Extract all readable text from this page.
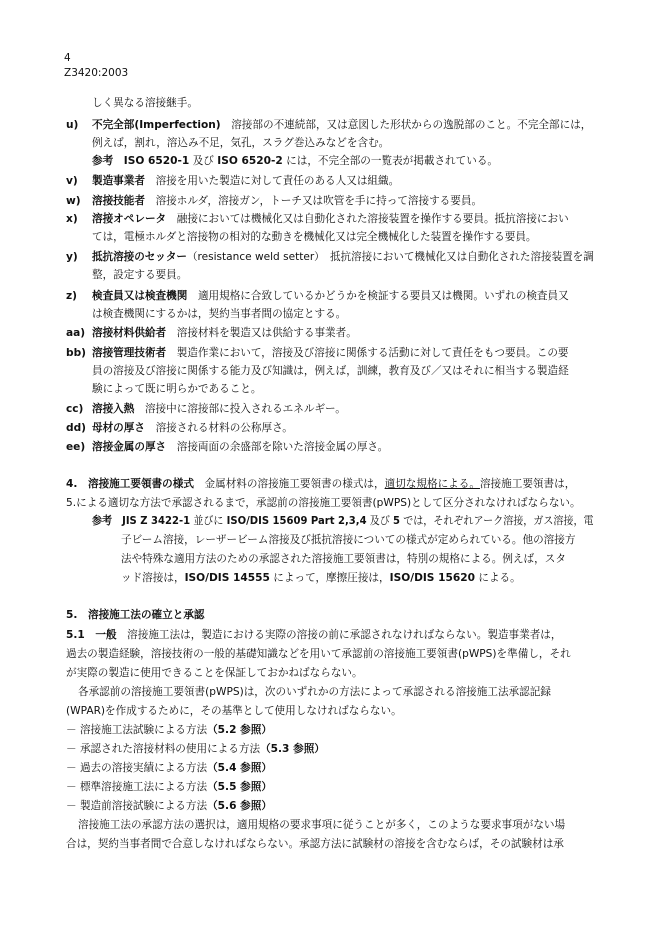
4
Z3420:2003
しく異なる溶接継手。
u) 不完全部(Imperfection)　 溶接部の不連続部，又は意図した形状からの逸脱部のこと。不完全部には，
例えば，割れ，溶込み不足，気孔，スラグ巻込みなどを含む。
参考　 ISO 6520-1 及び ISO 6520-2 には，不完全部の一覧表が掲載されている。
v) 製造事業者　 溶接を用いた製造に対して責任のある人又は組織。
w) 溶接技能者　 溶接ホルダ，溶接ガン，トーチ又は吹管を手に持って溶接する要員。
x) 溶接オペレータ　 融接においては機械化又は自動化された溶接装置を操作する要員。抵抗溶接におい
ては，電極ホルダと溶接物の相対的な動きを機械化又は完全機械化した装置を操作する要員。
y) 抵抗溶接のセッター（resistance weld setter）　抵抗溶接において機械化又は自動化された溶接装置を調
整，設定する要員。
z) 検査員又は検査機関　 適用規格に合致しているかどうかを検証する要員又は機関。いずれの検査員又
は検査機関にするかは，契約当事者間の協定とする。
aa) 溶接材料供給者　 溶接材料を製造又は供給する事業者。
bb) 溶接管理技術者　 製造作業において，溶接及び溶接に関係する活動に対して責任をもつ要員。この要
員の溶接及び溶接に関係する能力及び知識は，例えば，訓練，教育及び／又はそれに相当する製造経
験によって既に明らかであること。
cc) 溶接入熱　 溶接中に溶接部に投入されるエネルギー。
dd) 母材の厚さ　 溶接される材料の公称厚さ。
ee) 溶接金属の厚さ　 溶接両面の余盛部を除いた溶接金属の厚さ。
4.　溶接施工要領書の様式　 金属材料の溶接施工要領書の様式は，適切な規格による。溶接施工要領書は，
5.による適切な方法で承認されるまで，承認前の溶接施工要領書(pWPS)として区分されなければならない。
参考　 JIS Z 3422-1 並びに ISO/DIS 15609 Part 2,3,4 及び 5 では，それぞれアーク溶接，ガス溶接，電
子ビーム溶接，レーザービーム溶接及び抵抗溶接についての様式が定められている。他の溶接方
法や特殊な適用方法のための承認された溶接施工要領書は，特別の規格による。例えば，スタ
ッド溶接は，ISO/DIS 14555 によって，摩擦圧接は，ISO/DIS 15620 による。
5.　溶接施工法の確立と承認
5.1　 一般　 溶接施工法は，製造における実際の溶接の前に承認されなければならない。製造事業者は，
過去の製造経験，溶接技術の一般的基礎知識などを用いて承認前の溶接施工要領書(pWPS)を準備し，それ
が実際の製造に使用できることを保証しておかねばならない。
各承認前の溶接施工要領書(pWPS)は，次のいずれかの方法によって承認される溶接施工法承認記録
(WPAR)を作成するために，その基準として使用しなければならない。
－ 溶接施工法試験による方法（5.2 参照）
－ 承認された溶接材料の使用による方法（5.3 参照）
－ 過去の溶接実績による方法（5.4 参照）
－ 標準溶接施工法による方法（5.5 参照）
－ 製造前溶接試験による方法（5.6 参照）
溶接施工法の承認方法の選択は，適用規格の要求事項に従うことが多く，このような要求事項がない場
合は，契約当事者間で合意しなければならない。承認方法に試験材の溶接を含むならば，その試験材は承
